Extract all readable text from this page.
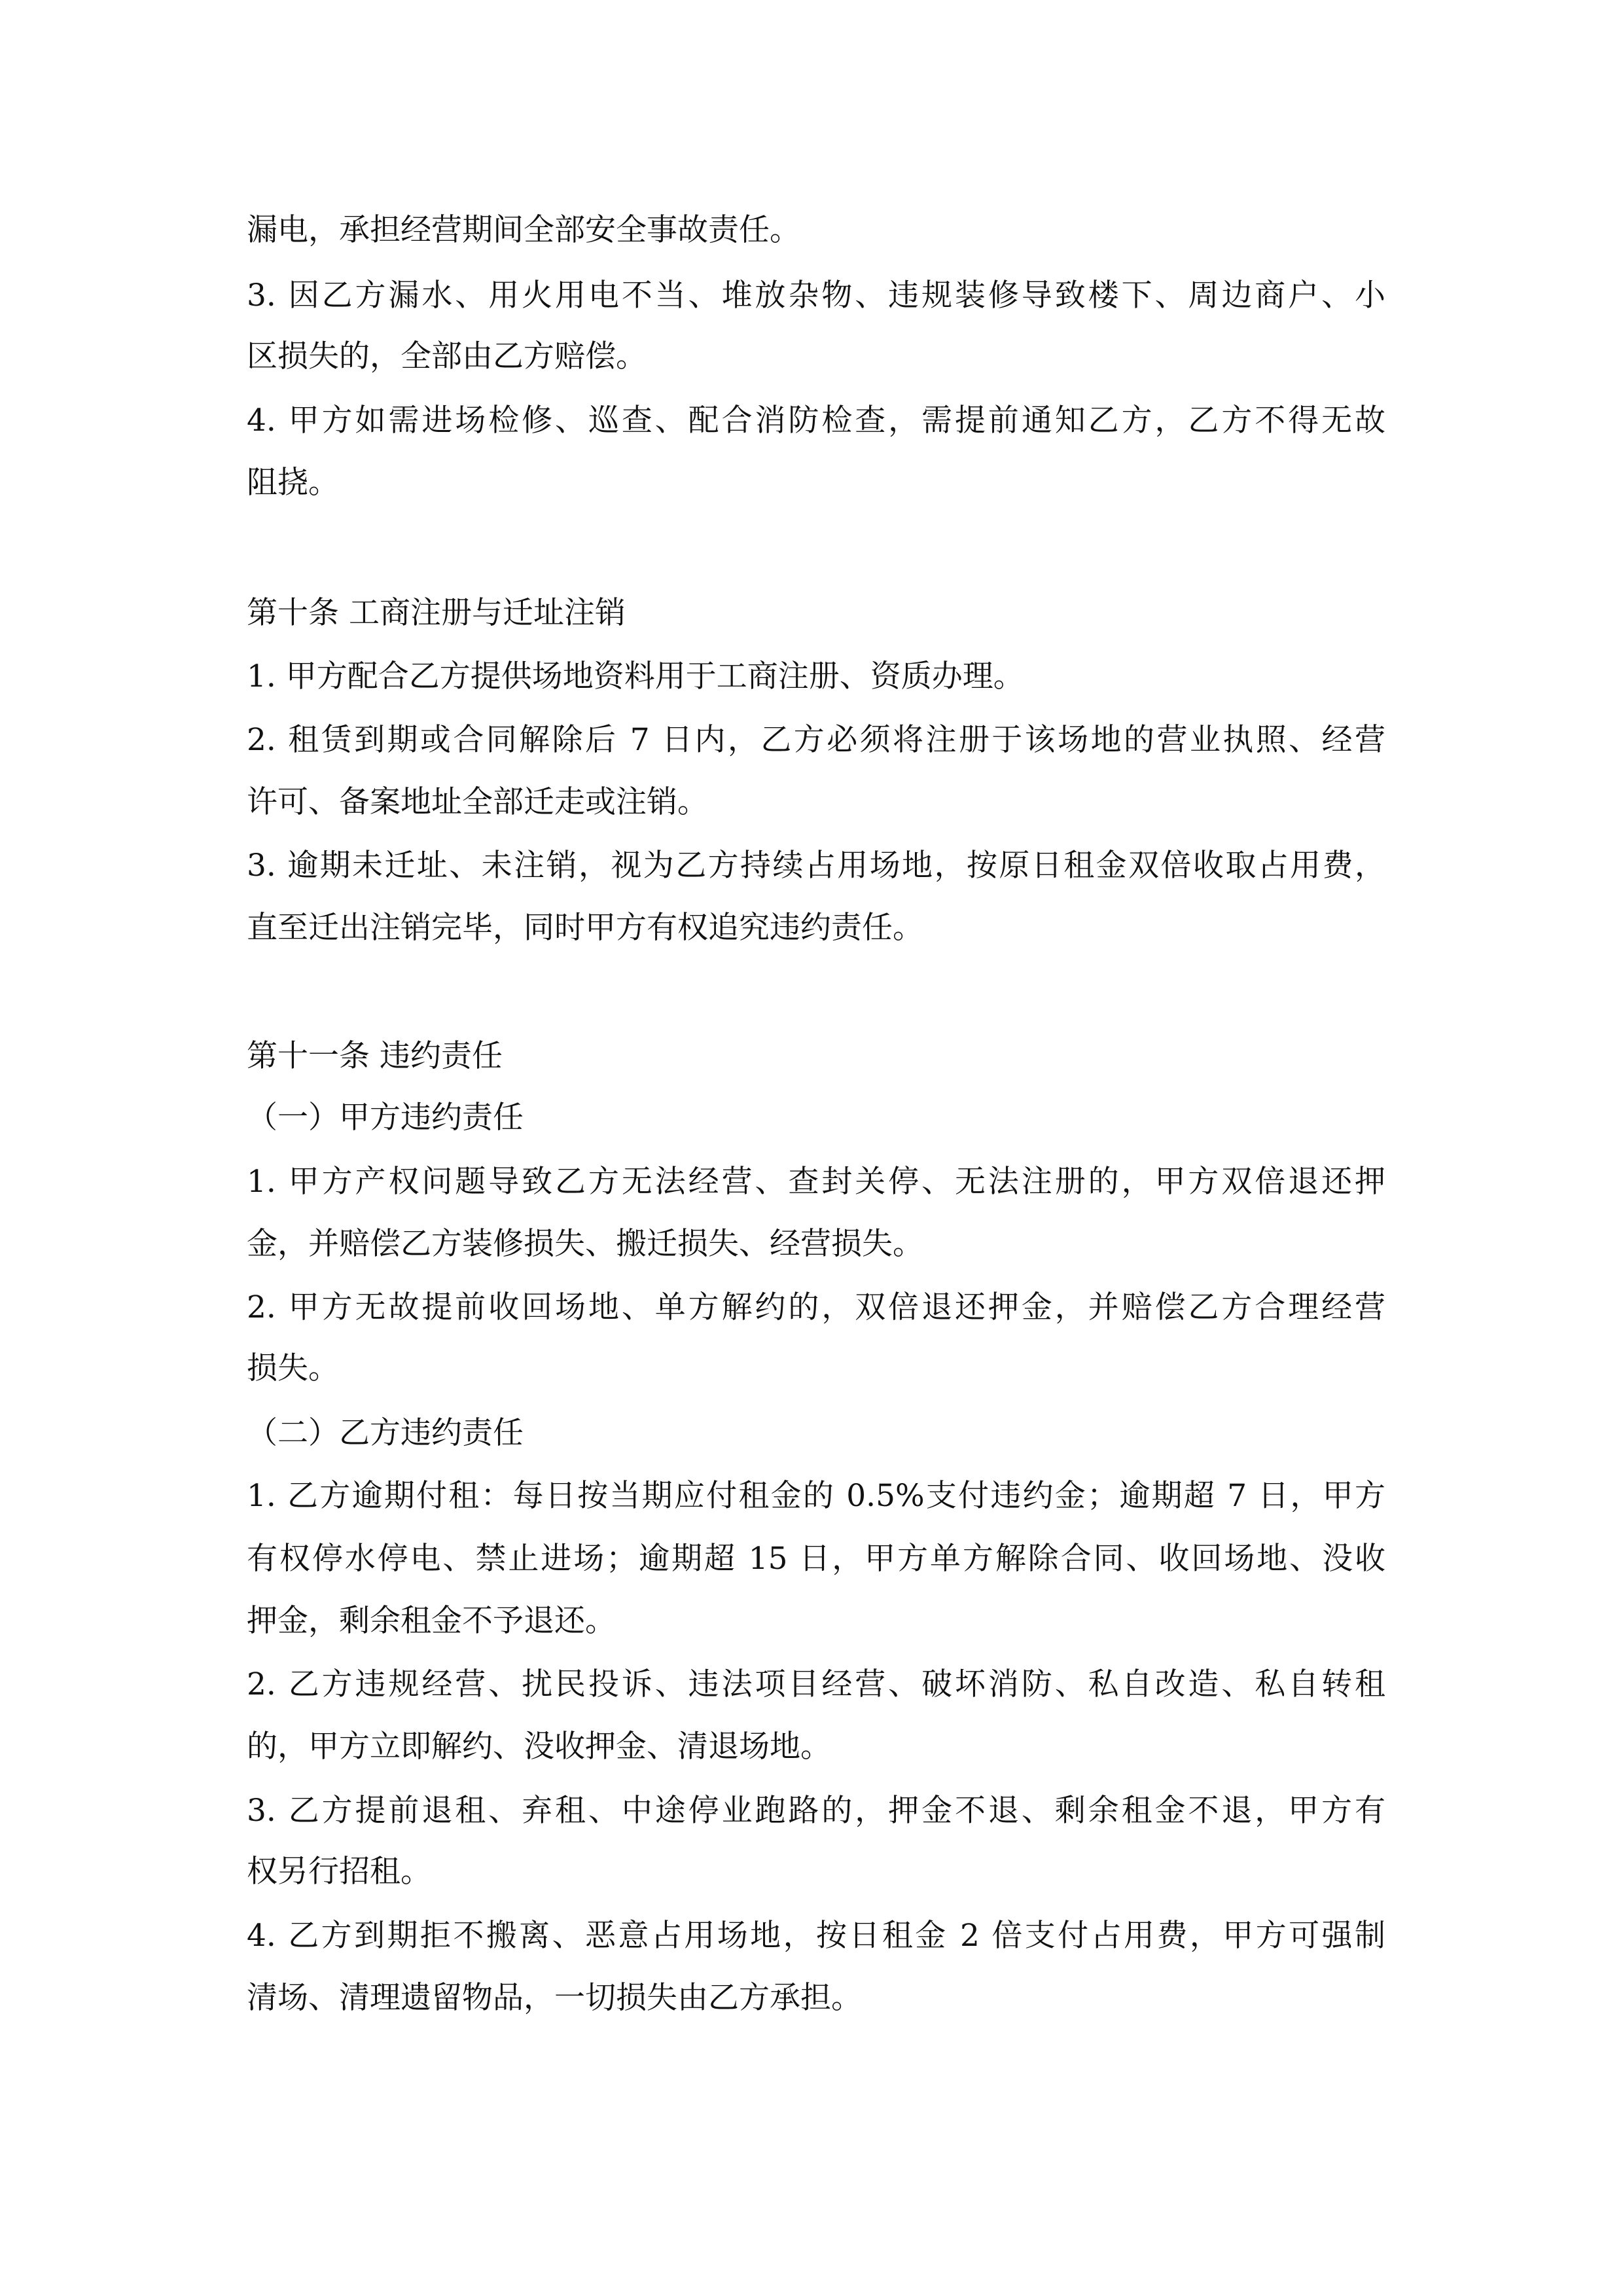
漏电，承担经营期间全部安全事故责任。
3. 因乙方漏水、用火用电不当、堆放杂物、违规装修导致楼下、周边商户、小
区损失的，全部由乙方赔偿。
4. 甲方如需进场检修、巡查、配合消防检查，需提前通知乙方，乙方不得无故
阻挠。
第十条 工商注册与迁址注销
1. 甲方配合乙方提供场地资料用于工商注册、资质办理。
2. 租赁到期或合同解除后 7 日内，乙方必须将注册于该场地的营业执照、经营
许可、备案地址全部迁走或注销。
3. 逾期未迁址、未注销，视为乙方持续占用场地，按原日租金双倍收取占用费，
直至迁出注销完毕，同时甲方有权追究违约责任。
第十一条 违约责任
（一）甲方违约责任
1. 甲方产权问题导致乙方无法经营、查封关停、无法注册的，甲方双倍退还押
金，并赔偿乙方装修损失、搬迁损失、经营损失。
2. 甲方无故提前收回场地、单方解约的，双倍退还押金，并赔偿乙方合理经营
损失。
（二）乙方违约责任
1. 乙方逾期付租：每日按当期应付租金的 0.5%支付违约金；逾期超 7 日，甲方
有权停水停电、禁止进场；逾期超 15 日，甲方单方解除合同、收回场地、没收
押金，剩余租金不予退还。
2. 乙方违规经营、扰民投诉、违法项目经营、破坏消防、私自改造、私自转租
的，甲方立即解约、没收押金、清退场地。
3. 乙方提前退租、弃租、中途停业跑路的，押金不退、剩余租金不退，甲方有
权另行招租。
4. 乙方到期拒不搬离、恶意占用场地，按日租金 2 倍支付占用费，甲方可强制
清场、清理遗留物品，一切损失由乙方承担。
